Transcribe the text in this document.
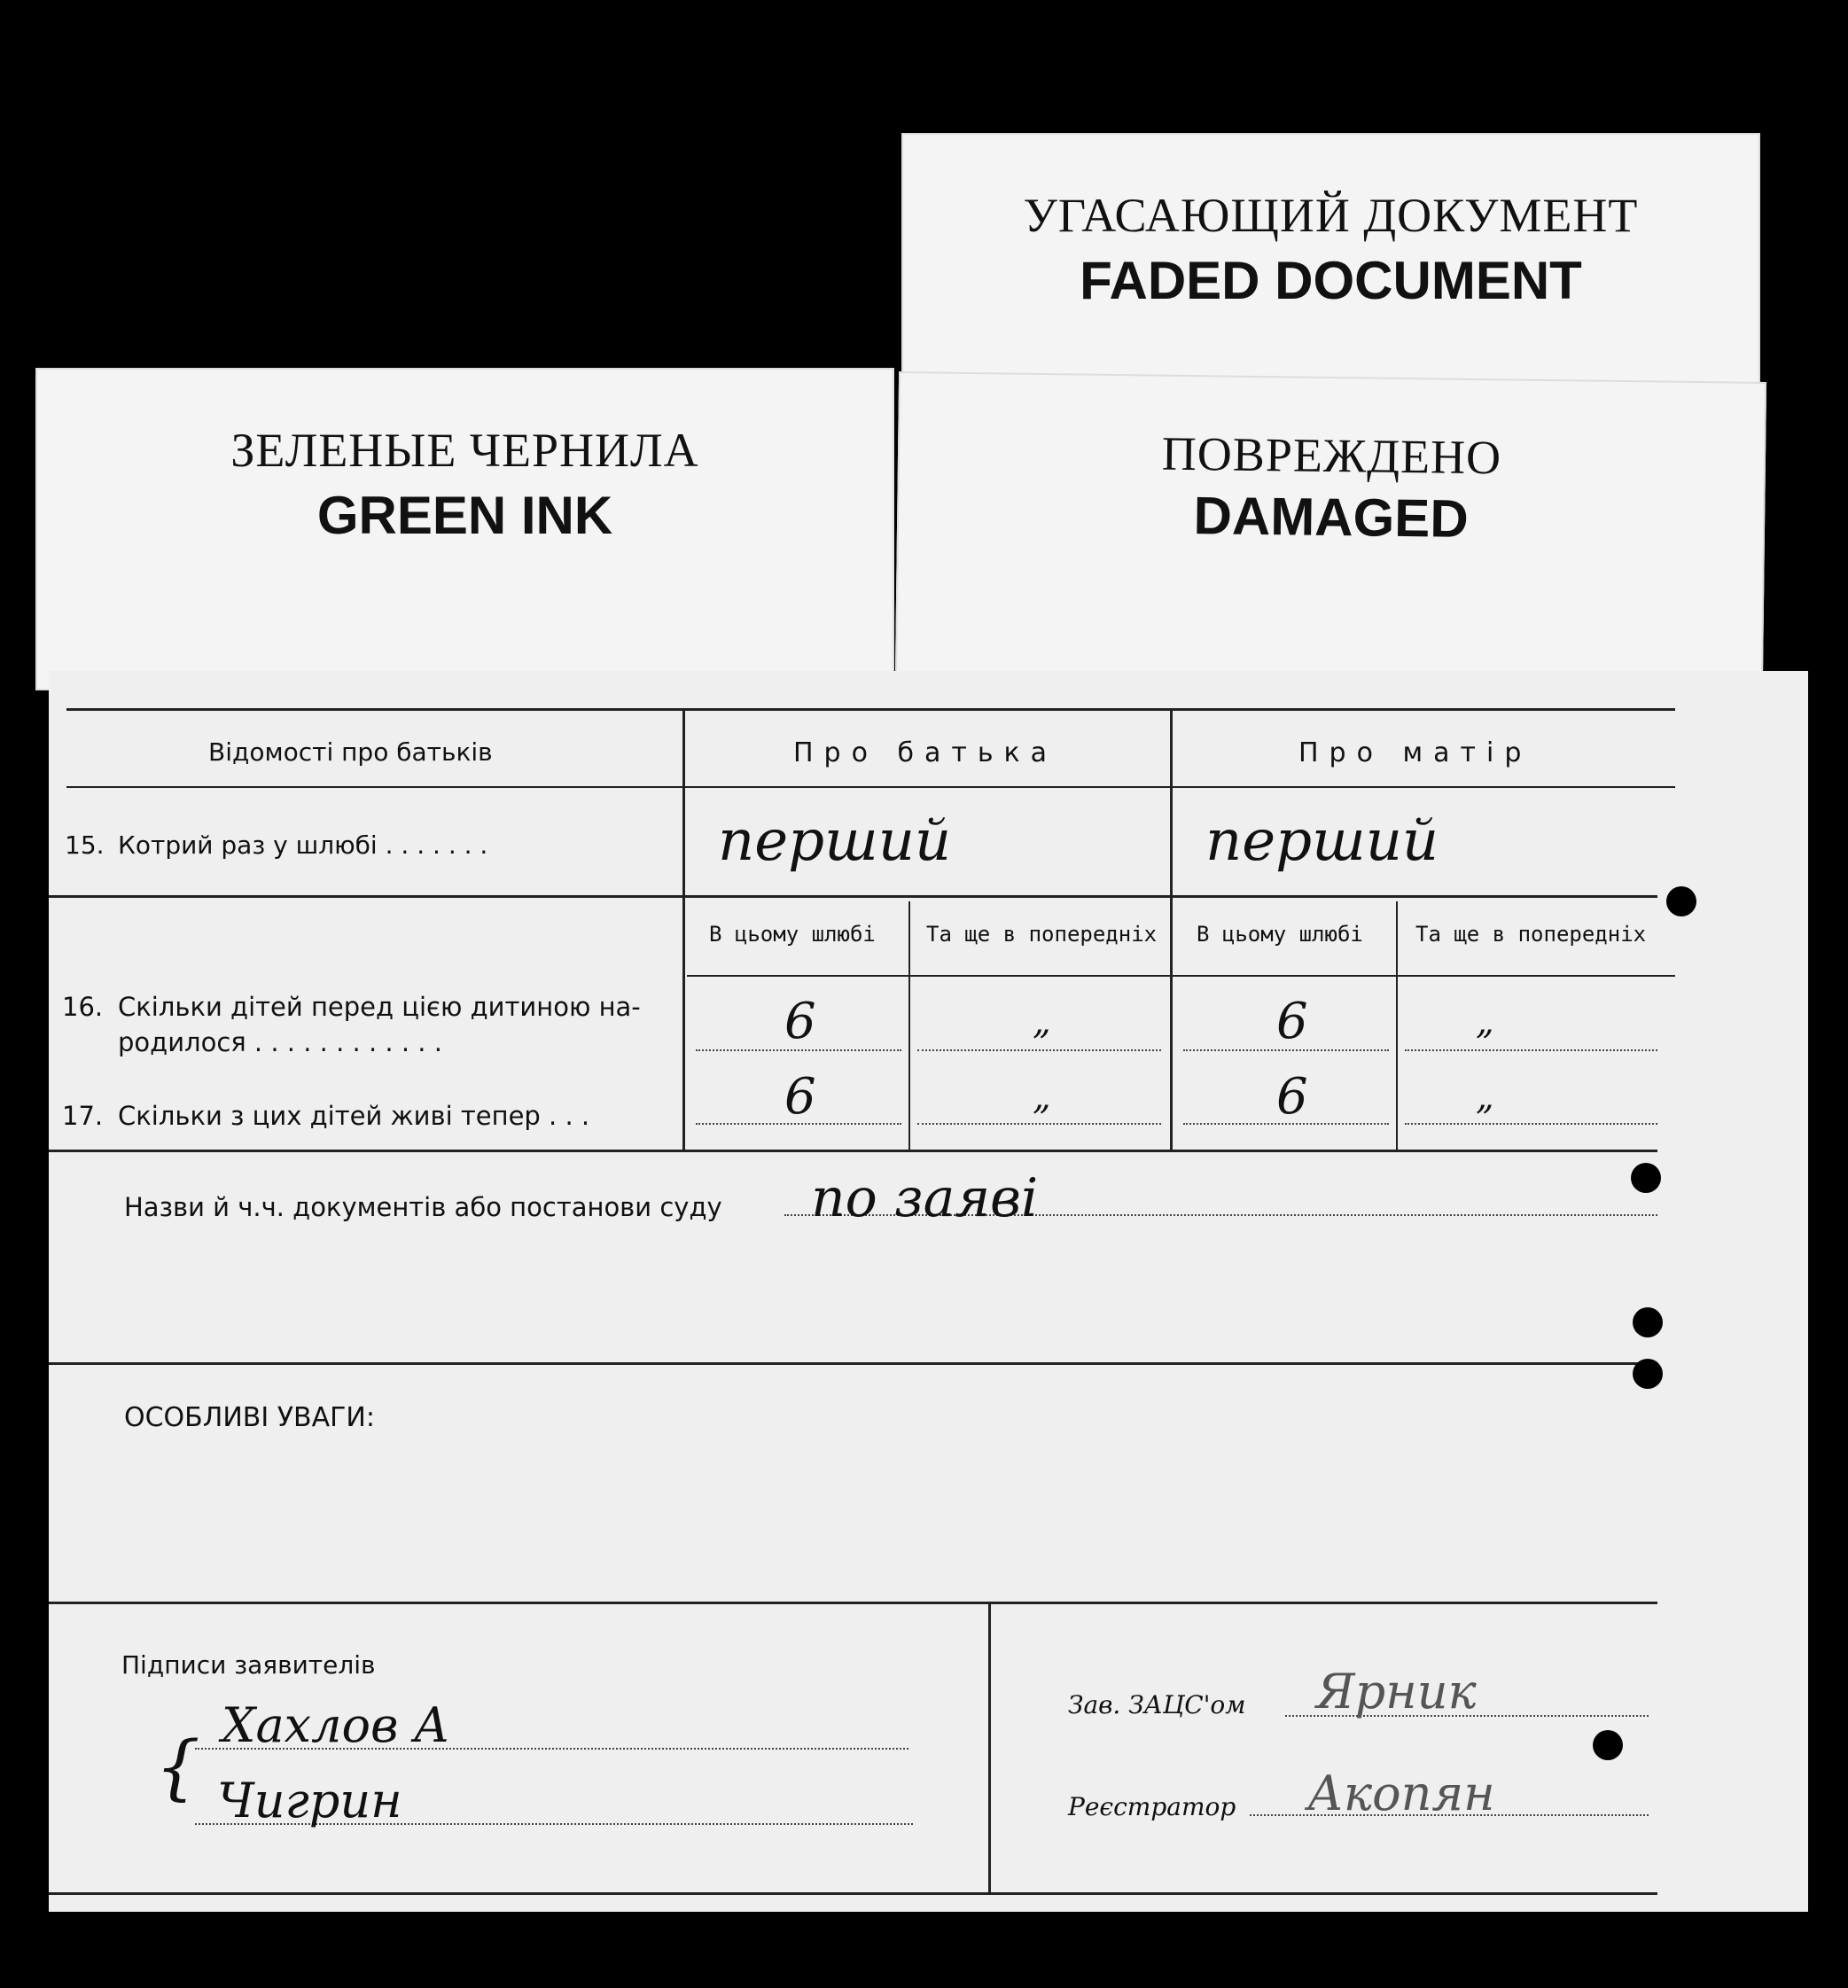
УГАСАЮЩИЙ ДОКУМЕНТ
FADED DOCUMENT
ПОВРЕЖДЕНО
DAMAGED
ЗЕЛЕНЫЕ ЧЕРНИЛА
GREEN INK
Відомості про батьків	Про батька	Про матір
15. Котрий раз у шлюбі . . . . . . .	перший	перший
В цьому шлюбі Та ще в попередніх В цьому шлюбі Та ще в попередніх
16. Скільки дітей перед цією дитиною на-
родилося . . . . . . . . . . . .	6	„	6	„
17. Скільки з цих дітей живі тепер . . .	6	„	6	„
Назви й ч.ч. документів або постанови суду по заяві
ОСОБЛИВІ УВАГИ:
Підписи заявителів
{
Хахлов А
Чигрин
Зав. ЗАЦС'ом Ярник
Реєстратор Акопян
